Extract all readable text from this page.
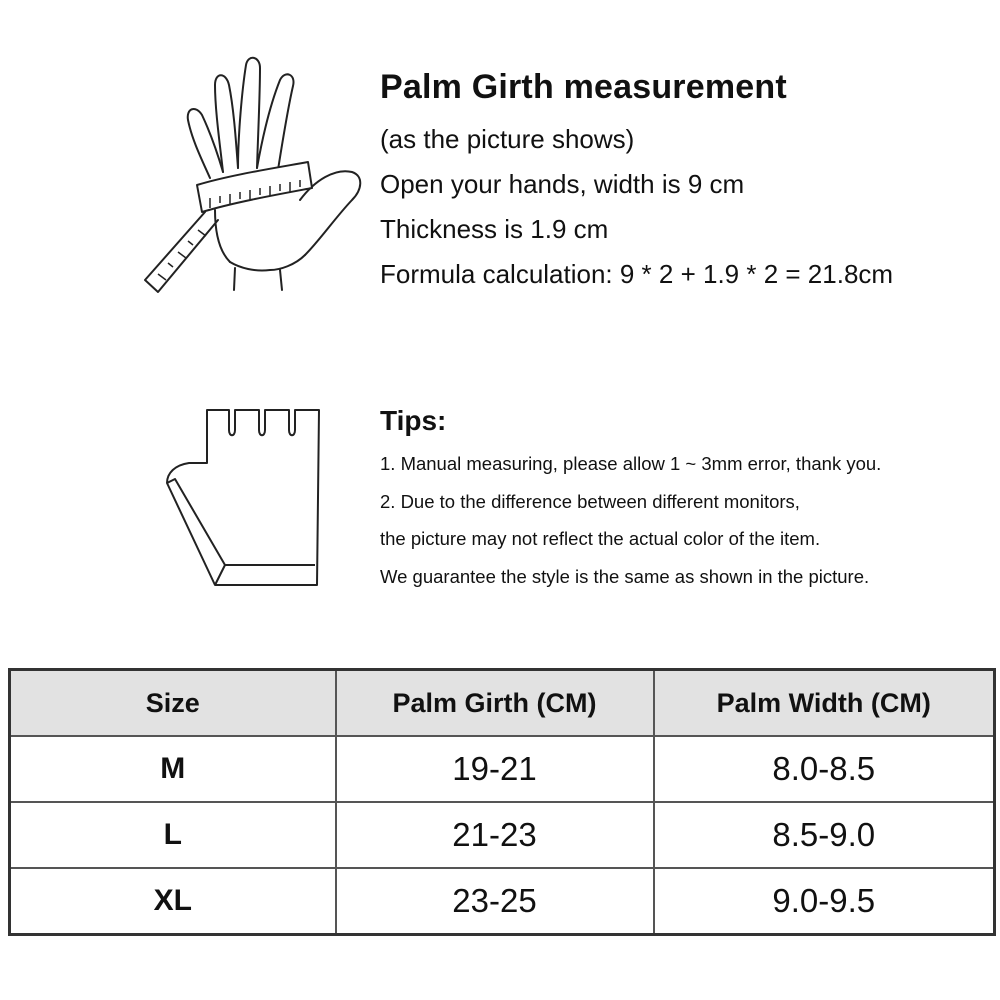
Palm Girth measurement

(as the picture shows)

Open your hands, width is 9 cm

Thickness is 1.9 cm

Formula calculation: 9 * 2 + 1.9 * 2 = 21.8cm

Tips:

1. Manual measuring, please allow 1 ~ 3mm error, thank you.

2. Due to the difference between different monitors,

the picture may not reflect the actual color of the item.

We guarantee the style is the same as shown in the picture.

Size	Palm Girth (CM)	Palm Width (CM)
M	19-21	8.0-8.5
L	21-23	8.5-9.0
XL	23-25	9.0-9.5
